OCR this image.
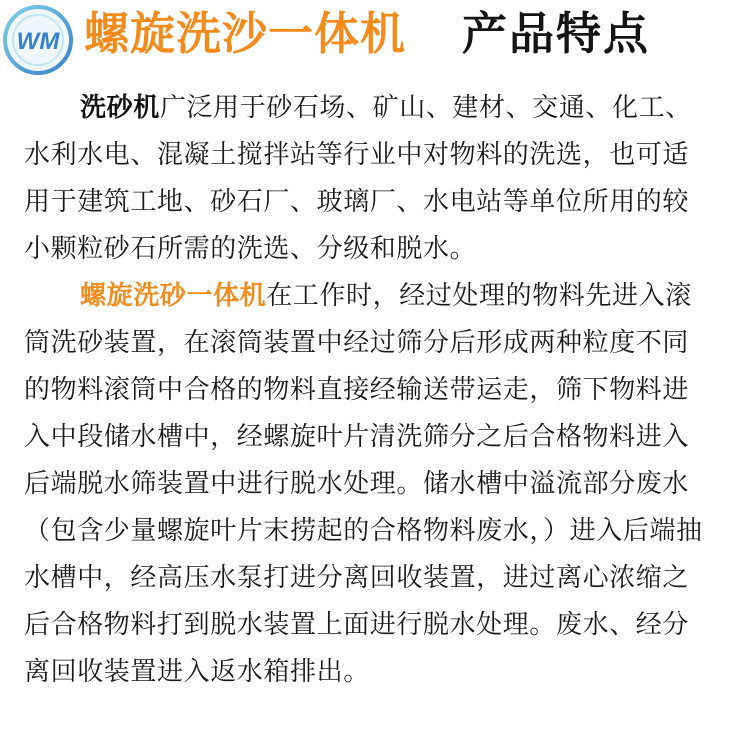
WM 螺旋洗沙一体机 产品特点

洗砂机广泛用于砂石场、矿山、建材、交通、化工、水利水电、混凝土搅拌站等行业中对物料的洗选，也可适用于建筑工地、砂石厂、玻璃厂、水电站等单位所用的较小颗粒砂石所需的洗选、分级和脱水。

螺旋洗砂一体机在工作时，经过处理的物料先进入滚筒洗砂装置，在滚筒装置中经过筛分后形成两种粒度不同的物料滚筒中合格的物料直接经输送带运走，筛下物料进入中段储水槽中，经螺旋叶片清洗筛分之后合格物料进入后端脱水筛装置中进行脱水处理。储水槽中溢流部分废水（包含少量螺旋叶片末捞起的合格物料废水，）进入后端抽水槽中，经高压水泵打进分离回收装置，进过离心浓缩之后合格物料打到脱水装置上面进行脱水处理。废水、经分离回收装置进入返水箱排出。
